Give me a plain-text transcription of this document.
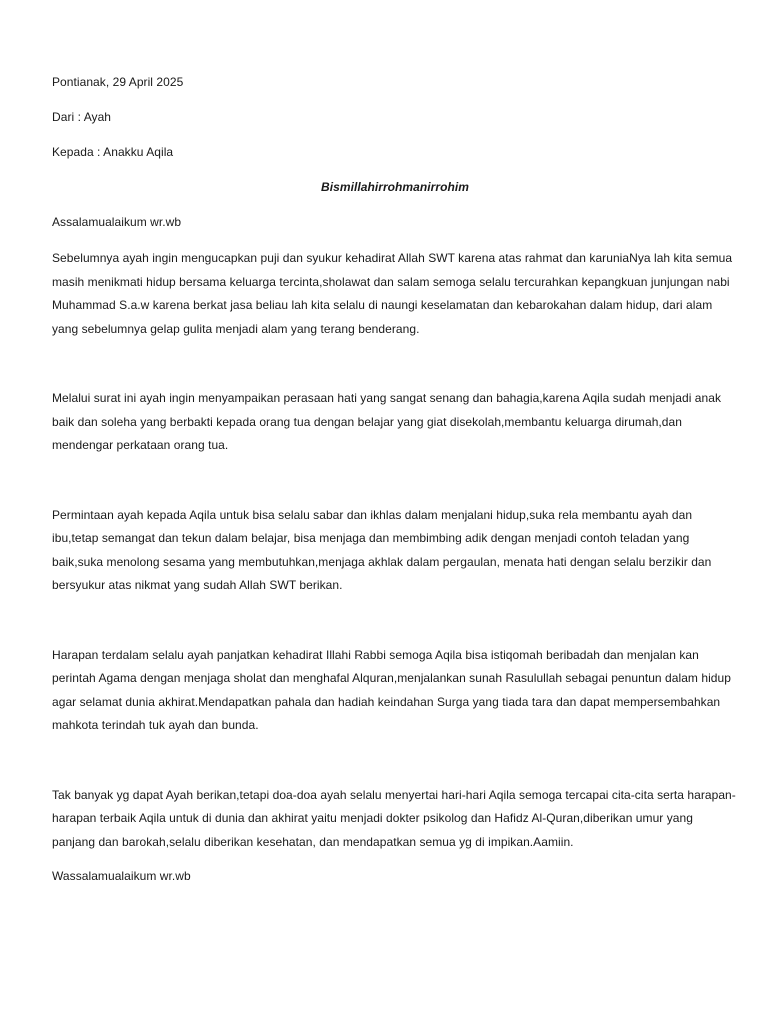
Pontianak, 29 April 2025

Dari : Ayah

Kepada : Anakku Aqila

Bismillahirrohmanirrohim

Assalamualaikum wr.wb

Sebelumnya ayah ingin mengucapkan puji dan syukur kehadirat Allah SWT karena atas rahmat dan karuniaNya lah kita semua masih menikmati hidup bersama keluarga tercinta,sholawat dan salam semoga selalu tercurahkan kepangkuan junjungan nabi Muhammad S.a.w karena berkat jasa beliau lah kita selalu di naungi keselamatan dan kebarokahan dalam hidup, dari alam yang sebelumnya gelap gulita menjadi alam yang terang benderang.

Melalui surat ini ayah ingin menyampaikan perasaan hati yang sangat senang dan bahagia,karena Aqila sudah menjadi anak baik dan soleha yang berbakti kepada orang tua dengan belajar yang giat disekolah,membantu keluarga dirumah,dan mendengar perkataan orang tua.

Permintaan ayah kepada Aqila untuk bisa selalu sabar dan ikhlas dalam menjalani hidup,suka rela membantu ayah dan ibu,tetap semangat dan tekun dalam belajar, bisa menjaga dan membimbing adik dengan menjadi contoh teladan yang baik,suka menolong sesama yang membutuhkan,menjaga akhlak dalam pergaulan, menata hati dengan selalu berzikir dan bersyukur atas nikmat yang sudah Allah SWT berikan.

Harapan terdalam selalu ayah panjatkan kehadirat Illahi Rabbi semoga Aqila bisa istiqomah beribadah dan menjalan kan perintah Agama dengan menjaga sholat dan menghafal Alquran,menjalankan sunah Rasulullah sebagai penuntun dalam hidup agar selamat dunia akhirat.Mendapatkan pahala dan hadiah keindahan Surga yang tiada tara dan dapat mempersembahkan mahkota terindah tuk ayah dan bunda.

Tak banyak yg dapat Ayah berikan,tetapi doa-doa ayah selalu menyertai hari-hari Aqila semoga tercapai cita-cita serta harapan-harapan terbaik Aqila untuk di dunia dan akhirat yaitu menjadi dokter psikolog dan Hafidz Al-Quran,diberikan umur yang panjang dan barokah,selalu diberikan kesehatan, dan mendapatkan semua yg di impikan.Aamiin.

Wassalamualaikum wr.wb
